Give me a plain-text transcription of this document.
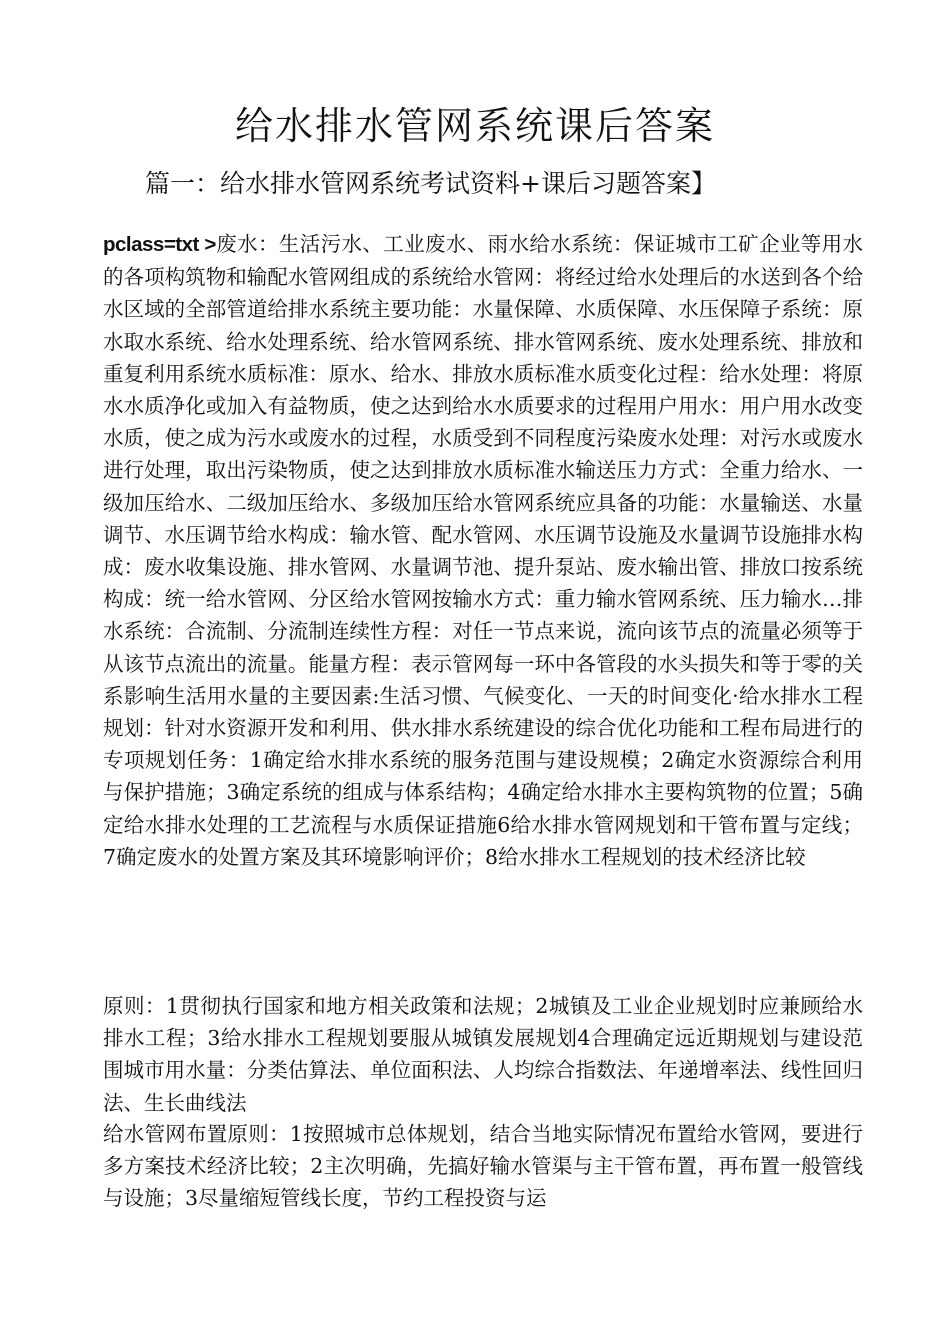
给水排水管网系统课后答案
篇一：给水排水管网系统考试资料+课后习题答案】

pclass=txt >废水：生活污水、工业废水、雨水给水系统：保证城市工矿企业等用水的各项构筑物和输配水管网组成的系统给水管网：将经过给水处理后的水送到各个给水区域的全部管道给排水系统主要功能：水量保障、水质保障、水压保障子系统：原水取水系统、给水处理系统、给水管网系统、排水管网系统、废水处理系统、排放和重复利用系统水质标准：原水、给水、排放水质标准水质变化过程：给水处理：将原水水质净化或加入有益物质，使之达到给水水质要求的过程用户用水：用户用水改变水质，使之成为污水或废水的过程，水质受到不同程度污染废水处理：对污水或废水进行处理，取出污染物质，使之达到排放水质标准水输送压力方式：全重力给水、一级加压给水、二级加压给水、多级加压给水管网系统应具备的功能：水量输送、水量调节、水压调节给水构成：输水管、配水管网、水压调节设施及水量调节设施排水构成：废水收集设施、排水管网、水量调节池、提升泵站、废水输出管、排放口按系统构成：统一给水管网、分区给水管网按输水方式：重力输水管网系统、压力输水…排水系统：合流制、分流制连续性方程：对任一节点来说，流向该节点的流量必须等于从该节点流出的流量。能量方程：表示管网每一环中各管段的水头损失和等于零的关系影响生活用水量的主要因素:生活习惯、气候变化、一天的时间变化·给水排水工程规划：针对水资源开发和利用、供水排水系统建设的综合优化功能和工程布局进行的专项规划任务：1确定给水排水系统的服务范围与建设规模；2确定水资源综合利用与保护措施；3确定系统的组成与体系结构；4确定给水排水主要构筑物的位置；5确定给水排水处理的工艺流程与水质保证措施6给水排水管网规划和干管布置与定线；7确定废水的处置方案及其环境影响评价；8给水排水工程规划的技术经济比较

原则：1贯彻执行国家和地方相关政策和法规；2城镇及工业企业规划时应兼顾给水排水工程；3给水排水工程规划要服从城镇发展规划4合理确定远近期规划与建设范围城市用水量：分类估算法、单位面积法、人均综合指数法、年递增率法、线性回归法、生长曲线法

给水管网布置原则：1按照城市总体规划，结合当地实际情况布置给水管网，要进行多方案技术经济比较；2主次明确，先搞好输水管渠与主干管布置，再布置一般管线与设施；3尽量缩短管线长度，节约工程投资与运
